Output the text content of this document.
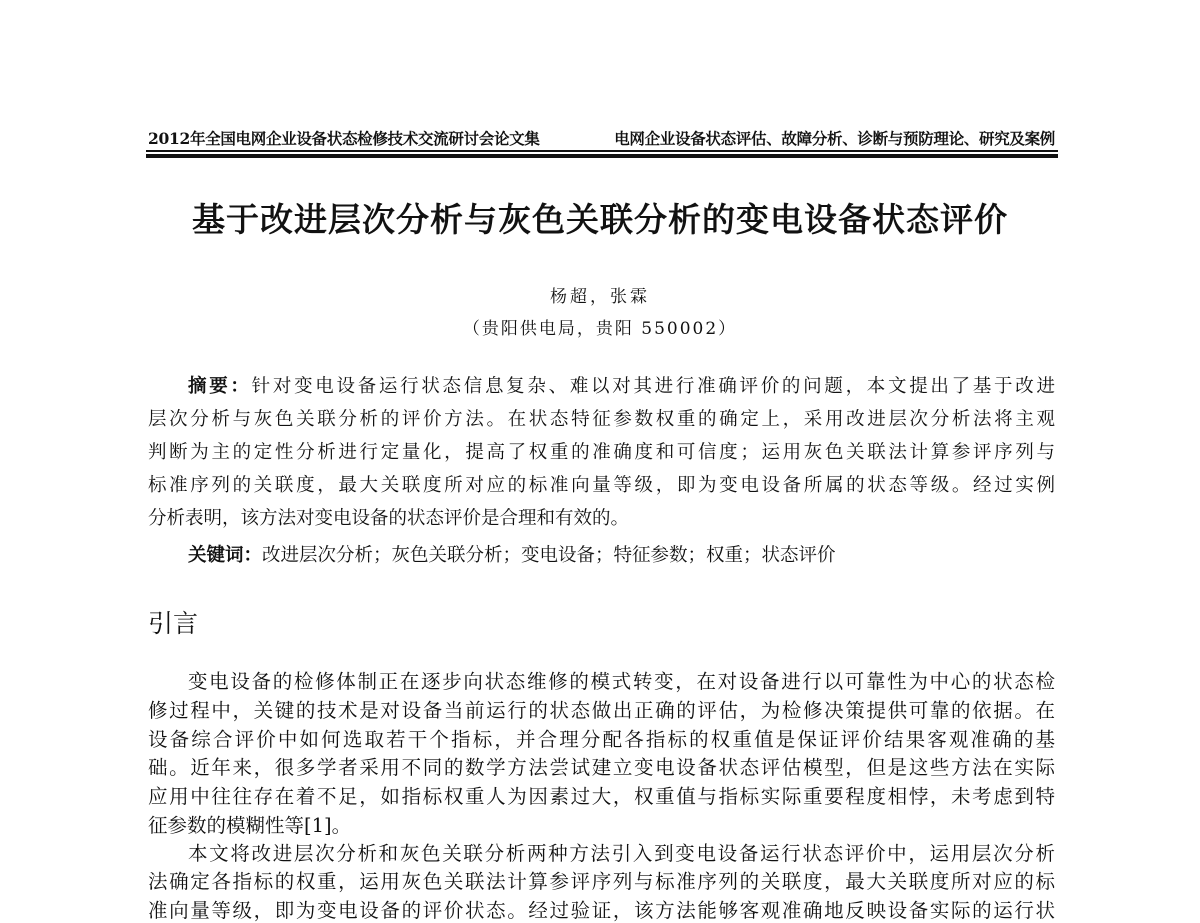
2012年全国电网企业设备状态检修技术交流研讨会论文集	电网企业设备状态评估、故障分析、诊断与预防理论、研究及案例
基于改进层次分析与灰色关联分析的变电设备状态评价
杨超，张霖
（贵阳供电局，贵阳 550002）
摘要：针对变电设备运行状态信息复杂、难以对其进行准确评价的问题，本文提出了基于改进
层次分析与灰色关联分析的评价方法。在状态特征参数权重的确定上，采用改进层次分析法将主观
判断为主的定性分析进行定量化，提高了权重的准确度和可信度；运用灰色关联法计算参评序列与
标准序列的关联度，最大关联度所对应的标准向量等级，即为变电设备所属的状态等级。经过实例
分析表明，该方法对变电设备的状态评价是合理和有效的。
关键词：改进层次分析；灰色关联分析；变电设备；特征参数；权重；状态评价
引言
变电设备的检修体制正在逐步向状态维修的模式转变，在对设备进行以可靠性为中心的状态检
修过程中，关键的技术是对设备当前运行的状态做出正确的评估，为检修决策提供可靠的依据。在
设备综合评价中如何选取若干个指标，并合理分配各指标的权重值是保证评价结果客观准确的基
础。近年来，很多学者采用不同的数学方法尝试建立变电设备状态评估模型，但是这些方法在实际
应用中往往存在着不足，如指标权重人为因素过大，权重值与指标实际重要程度相悖，未考虑到特
征参数的模糊性等[1]。
本文将改进层次分析和灰色关联分析两种方法引入到变电设备运行状态评价中，运用层次分析
法确定各指标的权重，运用灰色关联法计算参评序列与标准序列的关联度，最大关联度所对应的标
准向量等级，即为变电设备的评价状态。经过验证，该方法能够客观准确地反映设备实际的运行状
